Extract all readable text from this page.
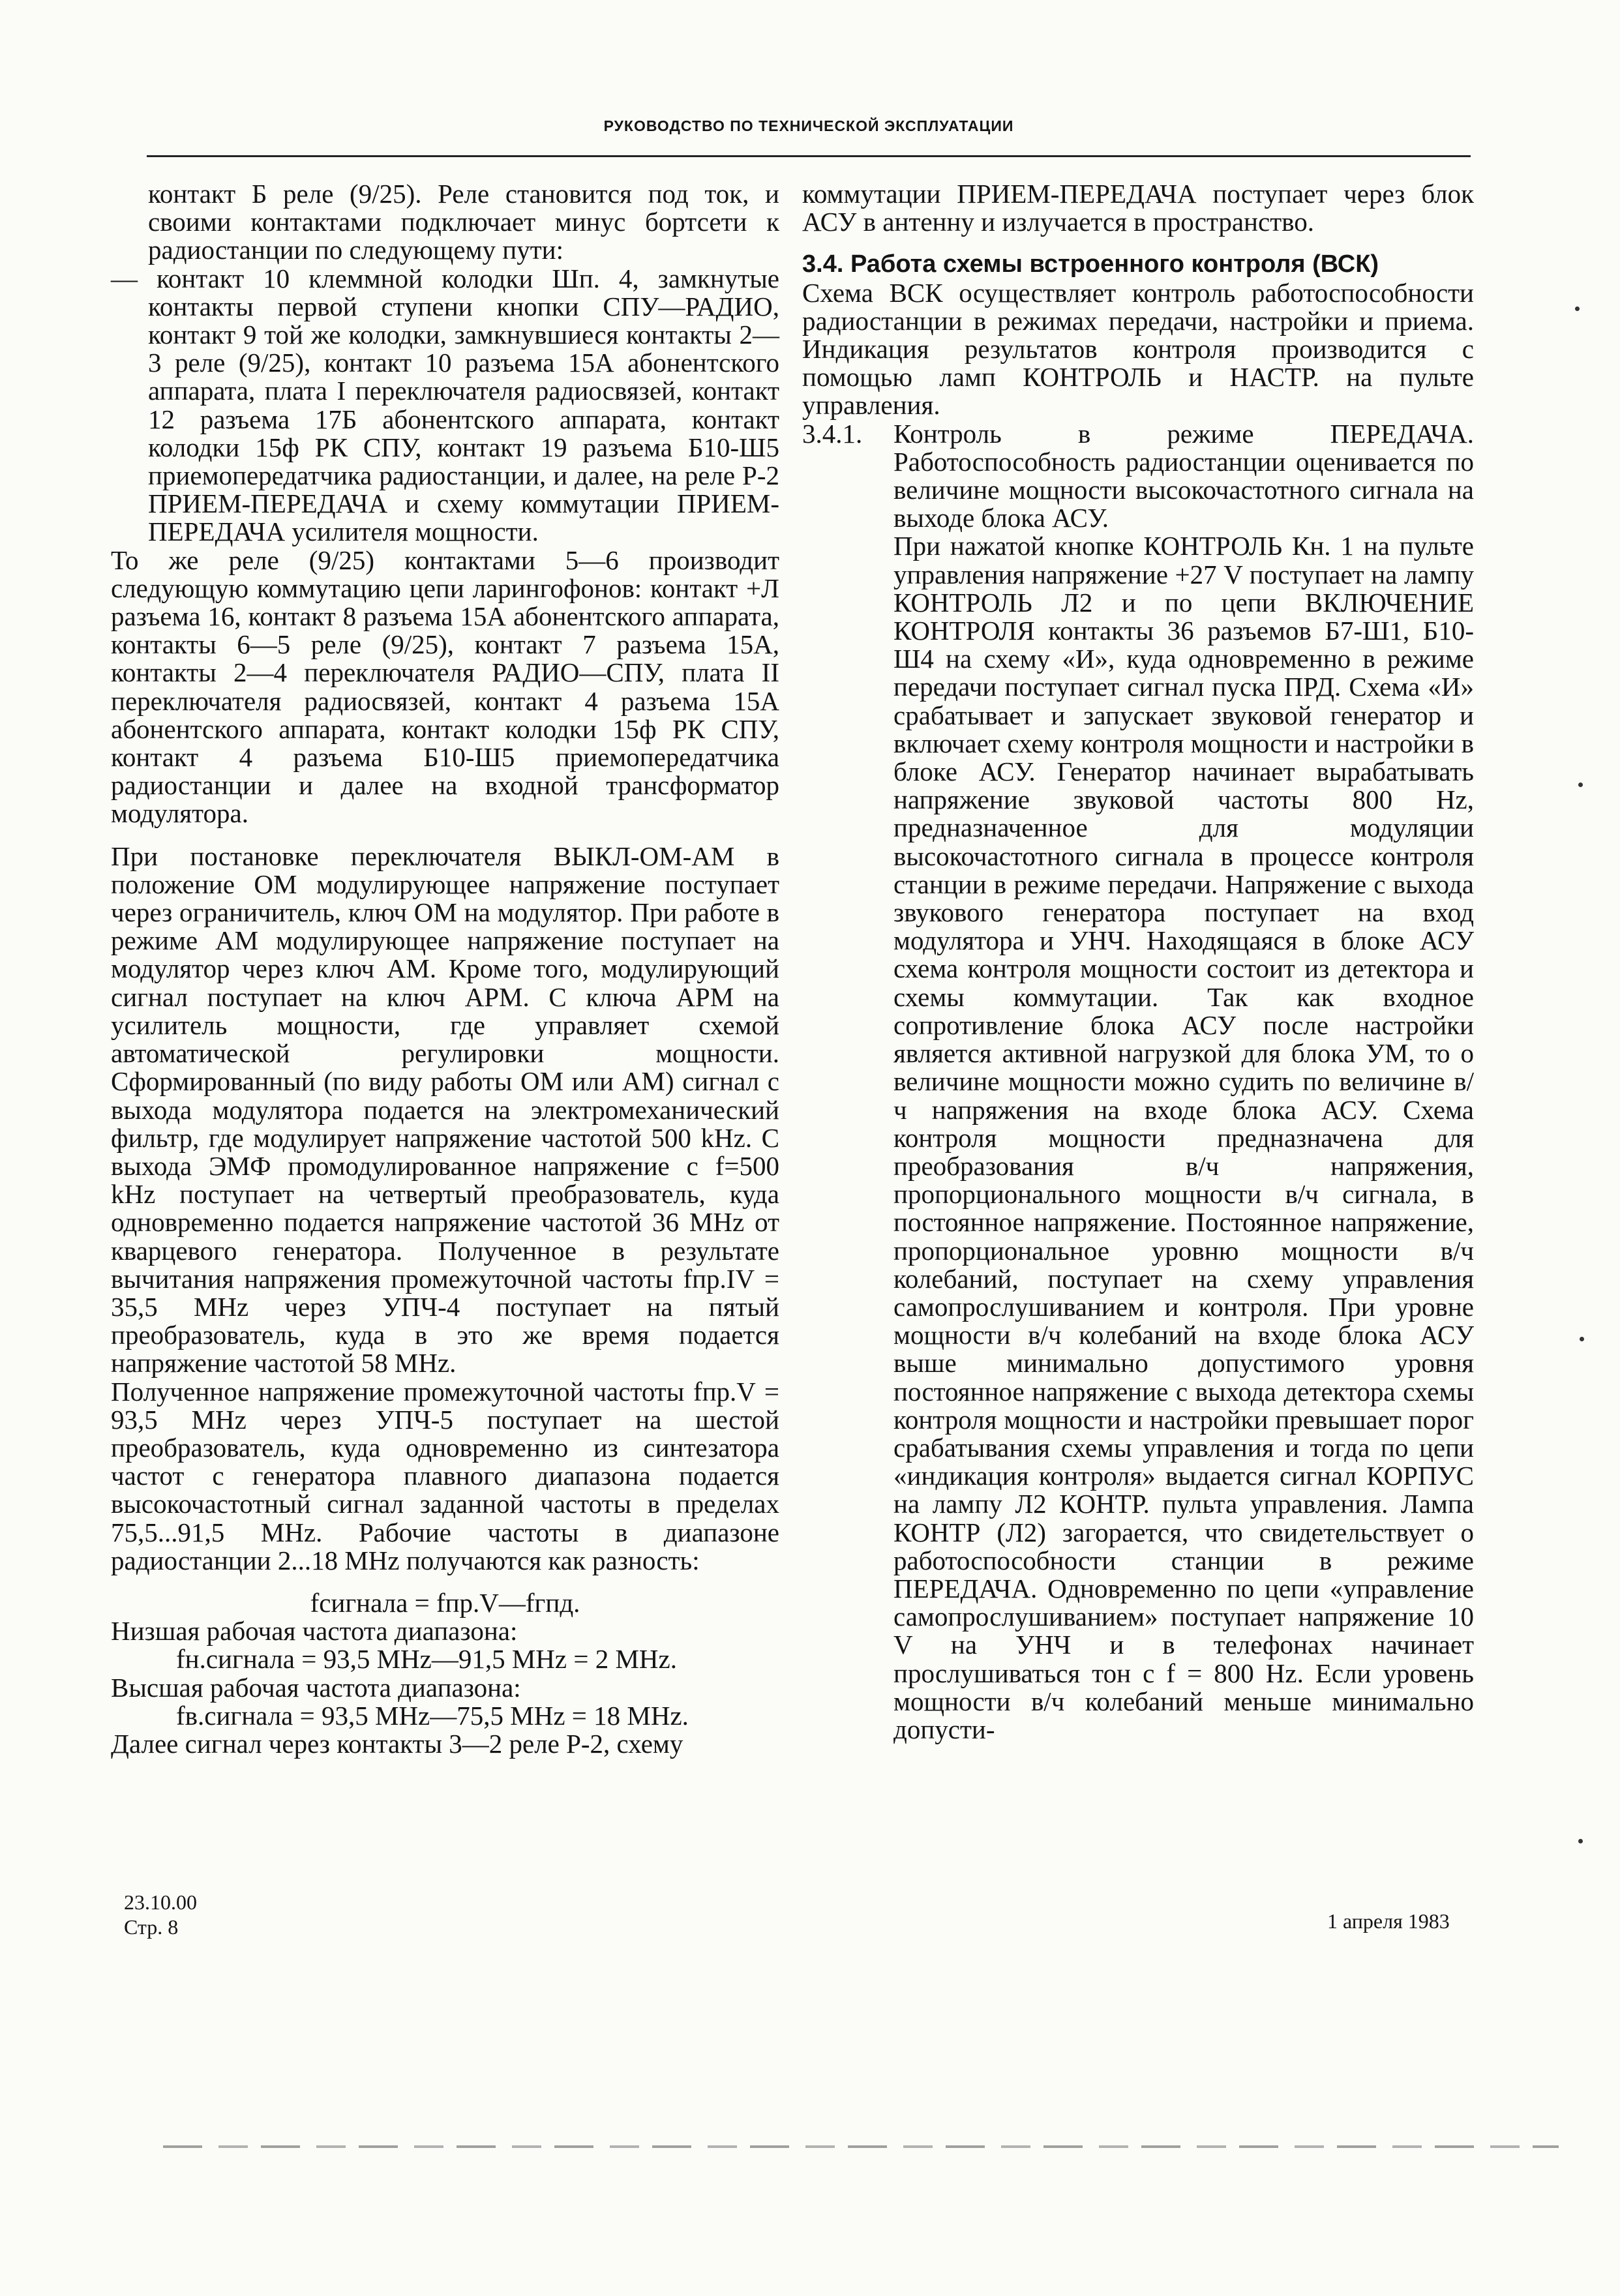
РУКОВОДСТВО ПО ТЕХНИЧЕСКОЙ ЭКСПЛУАТАЦИИ

контакт Б реле (9/25). Реле становится под ток, и своими контактами подключает минус бортсети к радиостанции по следующему пути:

— контакт 10 клеммной колодки Шп. 4, замкнутые контакты первой ступени кнопки СПУ—РАДИО, контакт 9 той же колодки, замкнувшиеся контакты 2—3 реле (9/25), контакт 10 разъема 15А абонентского аппарата, плата I переключателя радиосвязей, контакт 12 разъема 17Б абонентского аппарата, контакт колодки 15ф РК СПУ, контакт 19 разъема Б10-Ш5 приемопередатчика радиостанции, и далее, на реле Р-2 ПРИЕМ-ПЕРЕДАЧА и схему коммутации ПРИЕМ-ПЕРЕДАЧА усилителя мощности.

То же реле (9/25) контактами 5—6 производит следующую коммутацию цепи ларингофонов: контакт +Л разъема 16, контакт 8 разъема 15А абонентского аппарата, контакты 6—5 реле (9/25), контакт 7 разъема 15А, контакты 2—4 переключателя РАДИО—СПУ, плата II переключателя радиосвязей, контакт 4 разъема 15А абонентского аппарата, контакт колодки 15ф РК СПУ, контакт 4 разъема Б10-Ш5 приемопередатчика радиостанции и далее на входной трансформатор модулятора.

При постановке переключателя ВЫКЛ-ОМ-АМ в положение ОМ модулирующее напряжение поступает через ограничитель, ключ ОМ на модулятор. При работе в режиме АМ модулирующее напряжение поступает на модулятор через ключ АМ. Кроме того, модулирующий сигнал поступает на ключ АРМ. С ключа АРМ на усилитель мощности, где управляет схемой автоматической регулировки мощности. Сформированный (по виду работы ОМ или АМ) сигнал с выхода модулятора подается на электромеханический фильтр, где модулирует напряжение частотой 500 kHz. С выхода ЭМФ промодулированное напряжение с f=500 kHz поступает на четвертый преобразователь, куда одновременно подается напряжение частотой 36 MHz от кварцевого генератора. Полученное в результате вычитания напряжения промежуточной частоты fпр.IV = 35,5 MHz через УПЧ-4 поступает на пятый преобразователь, куда в это же время подается напряжение частотой 58 MHz.

Полученное напряжение промежуточной частоты fпр.V = 93,5 MHz через УПЧ-5 поступает на шестой преобразователь, куда одновременно из синтезатора частот с генератора плавного диапазона подается высокочастотный сигнал заданной частоты в пределах 75,5...91,5 MHz. Рабочие частоты в диапазоне радиостанции 2...18 MHz получаются как разность:

fсигнала = fпр.V—fгпд.

Низшая рабочая частота диапазона:

fн.сигнала = 93,5 MHz—91,5 MHz = 2 MHz.

Высшая рабочая частота диапазона:

fв.сигнала = 93,5 MHz—75,5 MHz = 18 MHz.

Далее сигнал через контакты 3—2 реле Р-2, схему

коммутации ПРИЕМ-ПЕРЕДАЧА поступает через блок АСУ в антенну и излучается в пространство.

3.4. Работа схемы встроенного контроля (ВСК)

Схема ВСК осуществляет контроль работоспособности радиостанции в режимах передачи, настройки и приема. Индикация результатов контроля производится с помощью ламп КОНТРОЛЬ и НАСТР. на пульте управления.

3.4.1.	Контроль в режиме ПЕРЕДАЧА. Работоспособность радиостанции оценивается по величине мощности высокочастотного сигнала на выходе блока АСУ.

При нажатой кнопке КОНТРОЛЬ Кн. 1 на пульте управления напряжение +27 V поступает на лампу КОНТРОЛЬ Л2 и по цепи ВКЛЮЧЕНИЕ КОНТРОЛЯ контакты 36 разъемов Б7-Ш1, Б10-Ш4 на схему «И», куда одновременно в режиме передачи поступает сигнал пуска ПРД. Схема «И» срабатывает и запускает звуковой генератор и включает схему контроля мощности и настройки в блоке АСУ. Генератор начинает вырабатывать напряжение звуковой частоты 800 Hz, предназначенное для модуляции высокочастотного сигнала в процессе контроля станции в режиме передачи. Напряжение с выхода звукового генератора поступает на вход модулятора и УНЧ. Находящаяся в блоке АСУ схема контроля мощности состоит из детектора и схемы коммутации. Так как входное сопротивление блока АСУ после настройки является активной нагрузкой для блока УМ, то о величине мощности можно судить по величине в/ч напряжения на входе блока АСУ. Схема контроля мощности предназначена для преобразования в/ч напряжения, пропорционального мощности в/ч сигнала, в постоянное напряжение. Постоянное напряжение, пропорциональное уровню мощности в/ч колебаний, поступает на схему управления самопрослушиванием и контроля. При уровне мощности в/ч колебаний на входе блока АСУ выше минимально допустимого уровня постоянное напряжение с выхода детектора схемы контроля мощности и настройки превышает порог срабатывания схемы управления и тогда по цепи «индикация контроля» выдается сигнал КОРПУС на лампу Л2 КОНТР. пульта управления. Лампа КОНТР (Л2) загорается, что свидетельствует о работоспособности станции в режиме ПЕРЕДАЧА. Одновременно по цепи «управление самопрослушиванием» поступает напряжение 10 V на УНЧ и в телефонах начинает прослушиваться тон с f = 800 Hz. Если уровень мощности в/ч колебаний меньше минимально допусти-

23.10.00
Стр. 8	1 апреля 1983
